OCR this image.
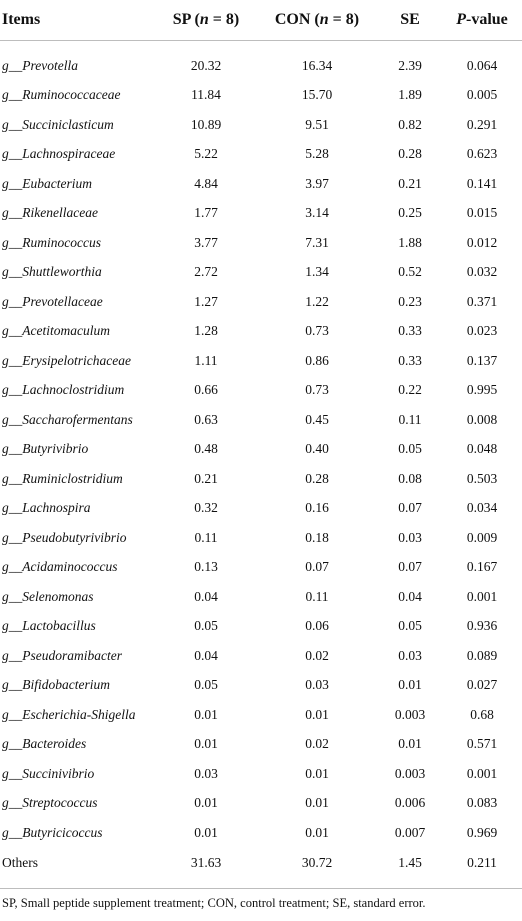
Items	SP (n = 8)	CON (n = 8)	SE	P-value
g__Prevotella	20.32	16.34	2.39	0.064
g__Ruminococcaceae	11.84	15.70	1.89	0.005
g__Succiniclasticum	10.89	9.51	0.82	0.291
g__Lachnospiraceae	5.22	5.28	0.28	0.623
g__Eubacterium	4.84	3.97	0.21	0.141
g__Rikenellaceae	1.77	3.14	0.25	0.015
g__Ruminococcus	3.77	7.31	1.88	0.012
g__Shuttleworthia	2.72	1.34	0.52	0.032
g__Prevotellaceae	1.27	1.22	0.23	0.371
g__Acetitomaculum	1.28	0.73	0.33	0.023
g__Erysipelotrichaceae	1.11	0.86	0.33	0.137
g__Lachnoclostridium	0.66	0.73	0.22	0.995
g__Saccharofermentans	0.63	0.45	0.11	0.008
g__Butyrivibrio	0.48	0.40	0.05	0.048
g__Ruminiclostridium	0.21	0.28	0.08	0.503
g__Lachnospira	0.32	0.16	0.07	0.034
g__Pseudobutyrivibrio	0.11	0.18	0.03	0.009
g__Acidaminococcus	0.13	0.07	0.07	0.167
g__Selenomonas	0.04	0.11	0.04	0.001
g__Lactobacillus	0.05	0.06	0.05	0.936
g__Pseudoramibacter	0.04	0.02	0.03	0.089
g__Bifidobacterium	0.05	0.03	0.01	0.027
g__Escherichia-Shigella	0.01	0.01	0.003	0.68
g__Bacteroides	0.01	0.02	0.01	0.571
g__Succinivibrio	0.03	0.01	0.003	0.001
g__Streptococcus	0.01	0.01	0.006	0.083
g__Butyricicoccus	0.01	0.01	0.007	0.969
Others	31.63	30.72	1.45	0.211
SP, Small peptide supplement treatment; CON, control treatment; SE, standard error.
